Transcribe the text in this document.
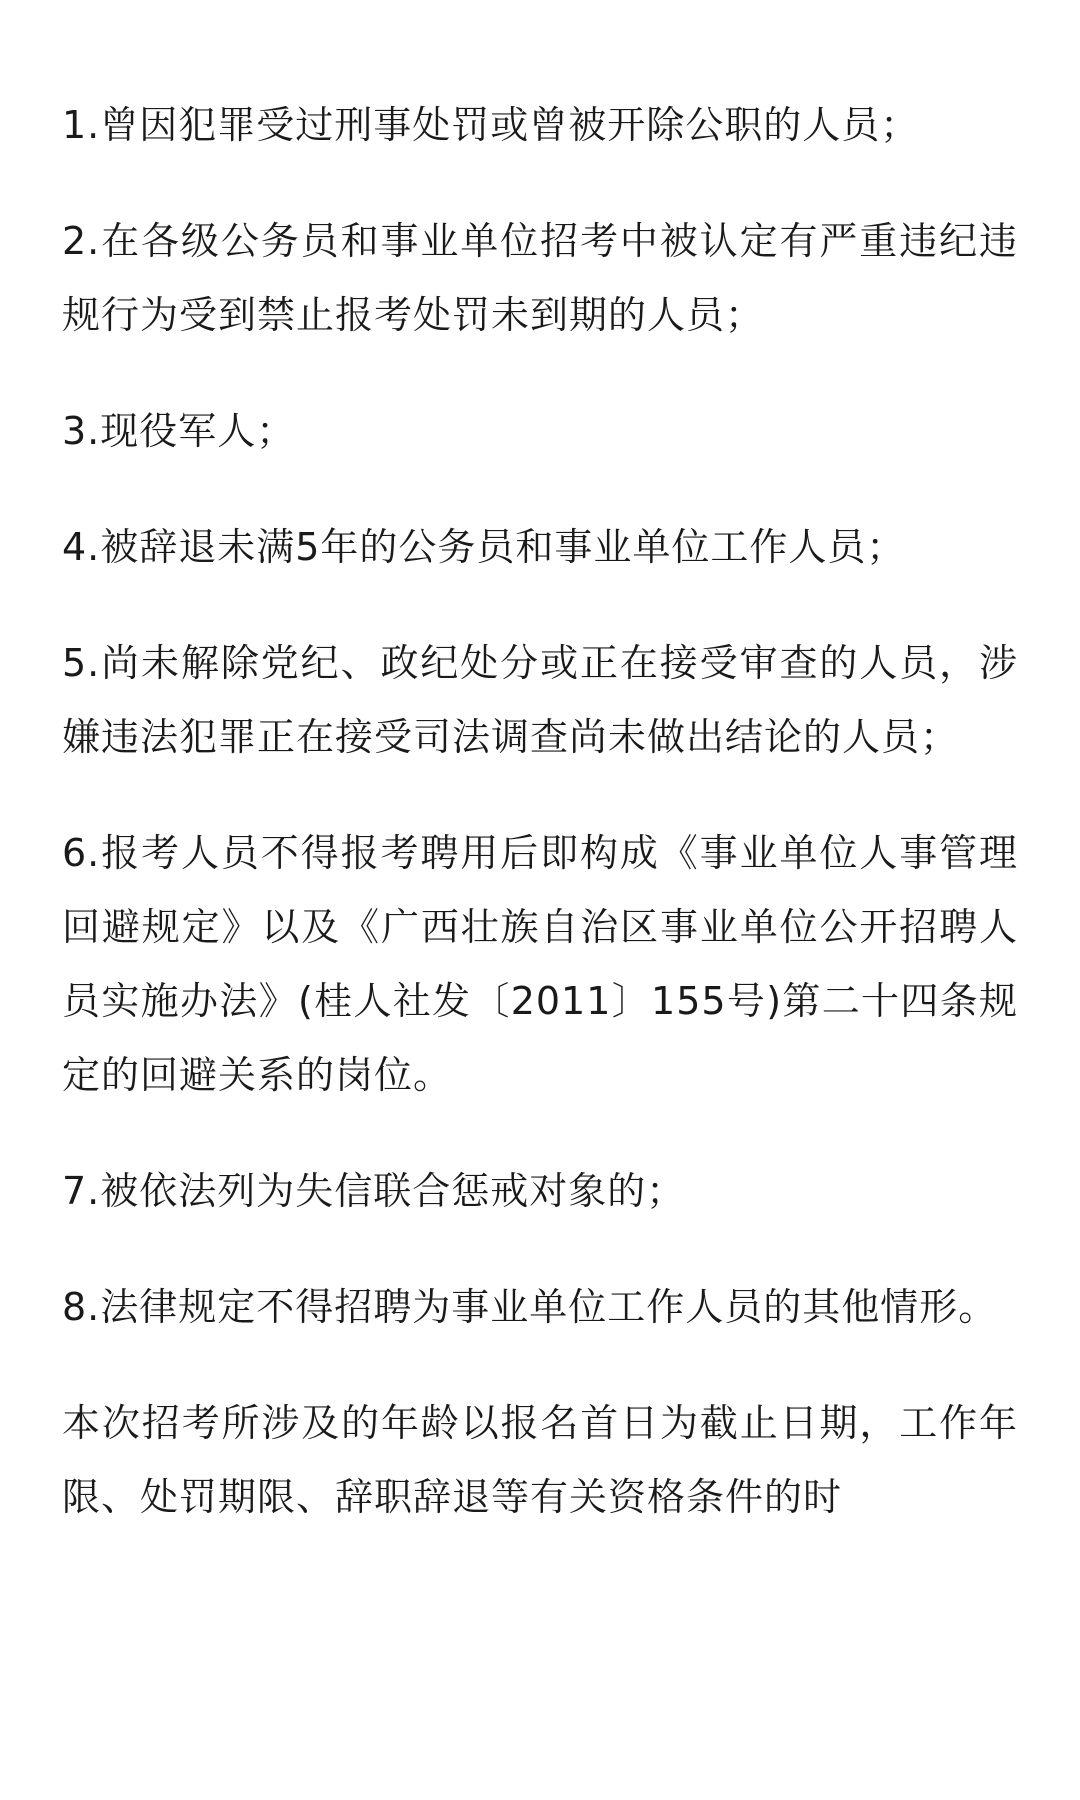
1.曾因犯罪受过刑事处罚或曾被开除公职的人员；

2.在各级公务员和事业单位招考中被认定有严重违纪违规行为受到禁止报考处罚未到期的人员；

3.现役军人；

4.被辞退未满5年的公务员和事业单位工作人员；

5.尚未解除党纪、政纪处分或正在接受审查的人员，涉嫌违法犯罪正在接受司法调查尚未做出结论的人员；

6.报考人员不得报考聘用后即构成《事业单位人事管理回避规定》以及《广西壮族自治区事业单位公开招聘人员实施办法》(桂人社发〔2011〕155号)第二十四条规定的回避关系的岗位。

7.被依法列为失信联合惩戒对象的；

8.法律规定不得招聘为事业单位工作人员的其他情形。

本次招考所涉及的年龄以报名首日为截止日期，工作年限、处罚期限、辞职辞退等有关资格条件的时
